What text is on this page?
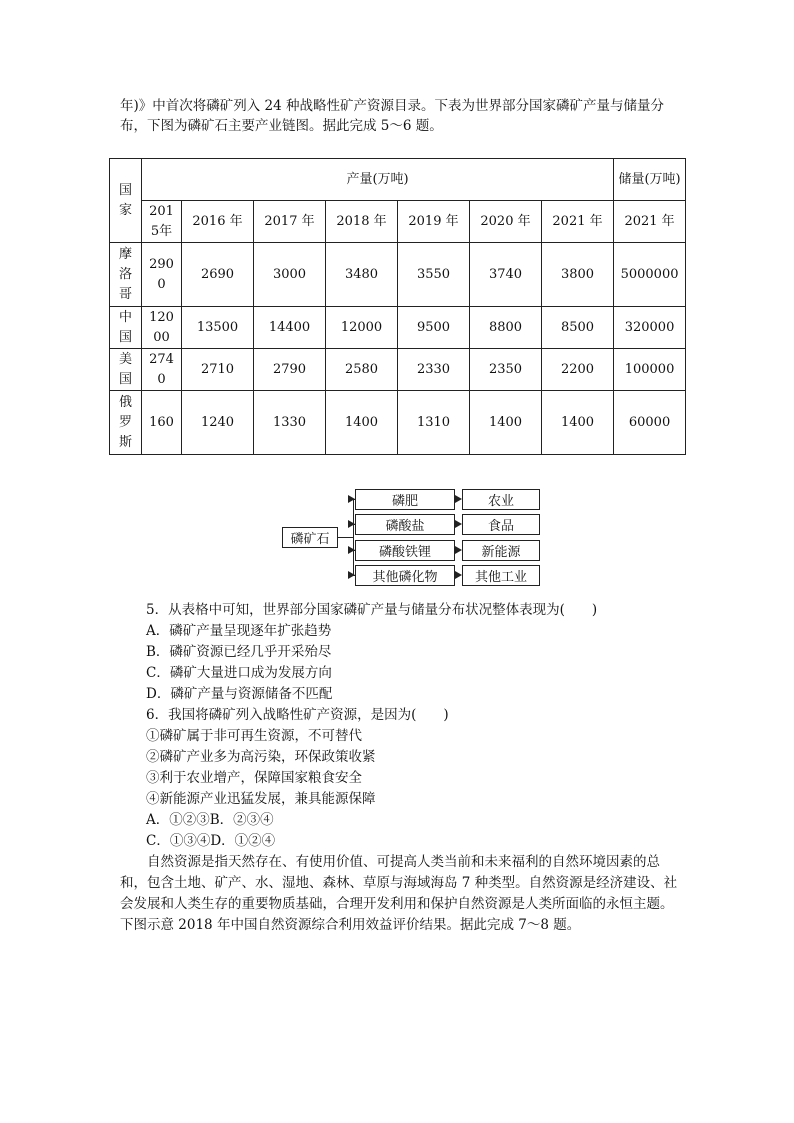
年)》中首次将磷矿列入 24 种战略性矿产资源目录。下表为世界部分国家磷矿产量与储量分

布，下图为磷矿石主要产业链图。据此完成 5～6 题。

国家	产量(万吨)							储量(万吨)
	2015年	2016 年	2017 年	2018 年	2019 年	2020 年	2021 年	2021 年
摩洛哥	2900	2690	3000	3480	3550	3740	3800	5000000
中国	12000	13500	14400	12000	9500	8800	8500	320000
美国	2740	2710	2790	2580	2330	2350	2200	100000
俄罗斯	160	1240	1330	1400	1310	1400	1400	60000
磷矿石
磷肥
磷酸盐
磷酸铁锂
其他磷化物
农业
食品
新能源
其他工业
5．从表格中可知，世界部分国家磷矿产量与储量分布状况整体表现为(　　)
A．磷矿产量呈现逐年扩张趋势
B．磷矿资源已经几乎开采殆尽
C．磷矿大量进口成为发展方向
D．磷矿产量与资源储备不匹配
6．我国将磷矿列入战略性矿产资源，是因为(　　)
①磷矿属于非可再生资源，不可替代
②磷矿产业多为高污染，环保政策收紧
③利于农业增产，保障国家粮食安全
④新能源产业迅猛发展，兼具能源保障
A．①②③B．②③④
C．①③④D．①②④

自然资源是指天然存在、有使用价值、可提高人类当前和未来福利的自然环境因素的总和，包含土地、矿产、水、湿地、森林、草原与海域海岛 7 种类型。自然资源是经济建设、社会发展和人类生存的重要物质基础，合理开发利用和保护自然资源是人类所面临的永恒主题。下图示意 2018 年中国自然资源综合利用效益评价结果。据此完成 7～8 题。
